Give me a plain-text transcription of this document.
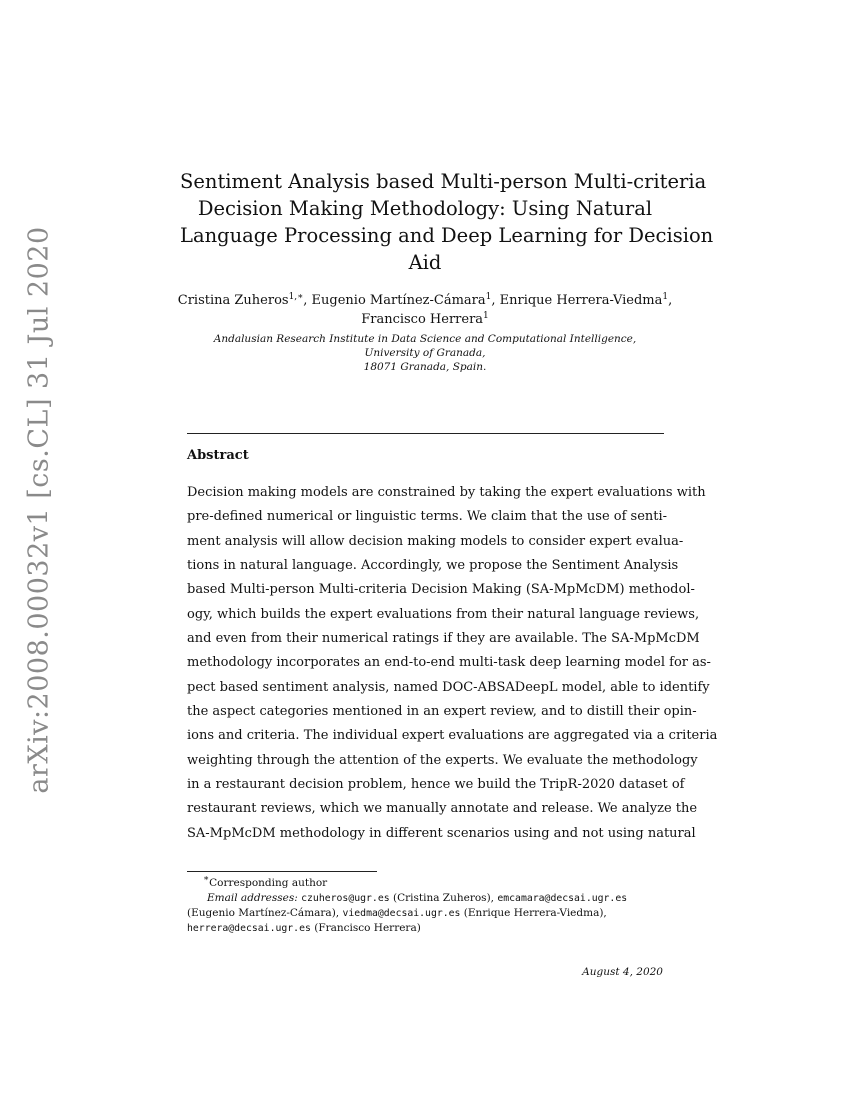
arXiv:2008.00032v1 [cs.CL] 31 Jul 2020
Sentiment Analysis based Multi-person Multi-criteria
Decision Making Methodology: Using Natural
Language Processing and Deep Learning for Decision
Aid
Cristina Zuheros$^{1,∗}$, Eugenio Martínez-Cámara$^1$, Enrique Herrera-Viedma$^1$,
Francisco Herrera$^1$
Andalusian Research Institute in Data Science and Computational Intelligence,
University of Granada,
18071 Granada, Spain.
Abstract
Decision making models are constrained by taking the expert evaluations with
pre-defined numerical or linguistic terms. We claim that the use of senti-
ment analysis will allow decision making models to consider expert evalua-
tions in natural language. Accordingly, we propose the Sentiment Analysis
based Multi-person Multi-criteria Decision Making (SA-MpMcDM) methodol-
ogy, which builds the expert evaluations from their natural language reviews,
and even from their numerical ratings if they are available. The SA-MpMcDM
methodology incorporates an end-to-end multi-task deep learning model for as-
pect based sentiment analysis, named DOC-ABSADeepL model, able to identify
the aspect categories mentioned in an expert review, and to distill their opin-
ions and criteria. The individual expert evaluations are aggregated via a criteria
weighting through the attention of the experts. We evaluate the methodology
in a restaurant decision problem, hence we build the TripR-2020 dataset of
restaurant reviews, which we manually annotate and release. We analyze the
SA-MpMcDM methodology in different scenarios using and not using natural
∗Corresponding author
Email addresses: czuheros@ugr.es (Cristina Zuheros), emcamara@decsai.ugr.es
(Eugenio Martínez-Cámara), viedma@decsai.ugr.es (Enrique Herrera-Viedma),
herrera@decsai.ugr.es (Francisco Herrera)
August 4, 2020
